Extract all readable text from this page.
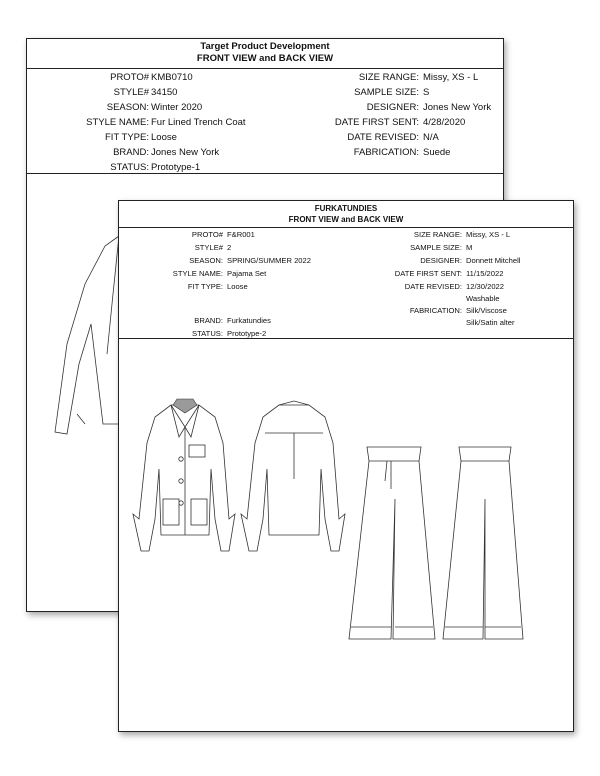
Target Product Development
FRONT VIEW and BACK VIEW
PROTO# KMB0710
STYLE# 34150
SEASON: Winter 2020
STYLE NAME: Fur Lined Trench Coat
FIT TYPE: Loose
BRAND: Jones New York
STATUS: Prototype-1
SIZE RANGE: Missy, XS - L
SAMPLE SIZE: S
DESIGNER: Jones New York
DATE FIRST SENT: 4/28/2020
DATE REVISED: N/A
FABRICATION: Suede
FURKATUNDIES
FRONT VIEW and BACK VIEW
PROTO# F&R001
STYLE# 2
SEASON: SPRING/SUMMER 2022
STYLE NAME: Pajama Set
FIT TYPE: Loose
BRAND: Furkatundies
STATUS: Prototype-2
SIZE RANGE: Missy, XS - L
SAMPLE SIZE: M
DESIGNER: Donnett Mitchell
DATE FIRST SENT: 11/15/2022
DATE REVISED: 12/30/2022
Washable
FABRICATION: Silk/Viscose
Silk/Satin alter
